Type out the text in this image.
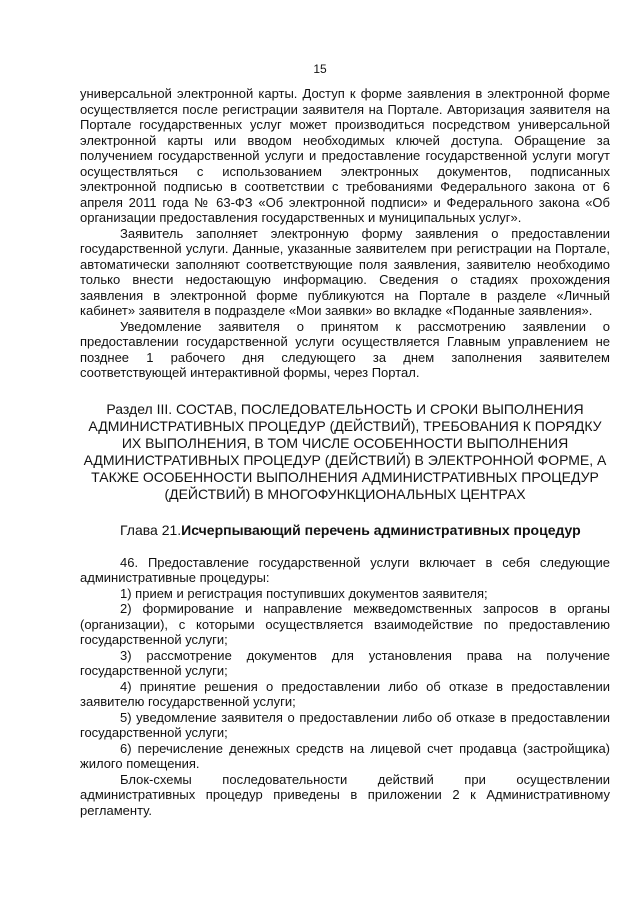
15

универсальной электронной карты. Доступ к форме заявления в электронной форме осуществляется после регистрации заявителя на Портале. Авторизация заявителя на Портале государственных услуг может производиться посредством универсальной электронной карты или вводом необходимых ключей доступа. Обращение за получением государственной услуги и предоставление государственной услуги могут осуществляться с использованием электронных документов, подписанных электронной подписью в соответствии с требованиями Федерального закона от 6 апреля 2011 года № 63-ФЗ «Об электронной подписи» и Федерального закона «Об организации предоставления государственных и муниципальных услуг».

Заявитель заполняет электронную форму заявления о предоставлении государственной услуги. Данные, указанные заявителем при регистрации на Портале, автоматически заполняют соответствующие поля заявления, заявителю необходимо только внести недостающую информацию. Сведения о стадиях прохождения заявления в электронной форме публикуются на Портале в разделе «Личный кабинет» заявителя в подразделе «Мои заявки» во вкладке «Поданные заявления».

Уведомление заявителя о принятом к рассмотрению заявлении о предоставлении государственной услуги осуществляется Главным управлением не позднее 1 рабочего дня следующего за днем заполнения заявителем соответствующей интерактивной формы, через Портал.

Раздел III. СОСТАВ, ПОСЛЕДОВАТЕЛЬНОСТЬ И СРОКИ ВЫПОЛНЕНИЯ АДМИНИСТРАТИВНЫХ ПРОЦЕДУР (ДЕЙСТВИЙ), ТРЕБОВАНИЯ К ПОРЯДКУ ИХ ВЫПОЛНЕНИЯ, В ТОМ ЧИСЛЕ ОСОБЕННОСТИ ВЫПОЛНЕНИЯ АДМИНИСТРАТИВНЫХ ПРОЦЕДУР (ДЕЙСТВИЙ) В ЭЛЕКТРОННОЙ ФОРМЕ, А ТАКЖЕ ОСОБЕННОСТИ ВЫПОЛНЕНИЯ АДМИНИСТРАТИВНЫХ ПРОЦЕДУР (ДЕЙСТВИЙ) В МНОГОФУНКЦИОНАЛЬНЫХ ЦЕНТРАХ

Глава 21.Исчерпывающий перечень административных процедур

46. Предоставление государственной услуги включает в себя следующие административные процедуры:

1) прием и регистрация поступивших документов заявителя;

2) формирование и направление межведомственных запросов в органы (организации), с которыми осуществляется взаимодействие по предоставлению государственной услуги;

3) рассмотрение документов для установления права на получение государственной услуги;

4) принятие решения о предоставлении либо об отказе в предоставлении заявителю государственной услуги;

5) уведомление заявителя о предоставлении либо об отказе в предоставлении государственной услуги;

6) перечисление денежных средств на лицевой счет продавца (застройщика) жилого помещения.

Блок-схемы последовательности действий при осуществлении административных процедур приведены в приложении 2 к Административному регламенту.
